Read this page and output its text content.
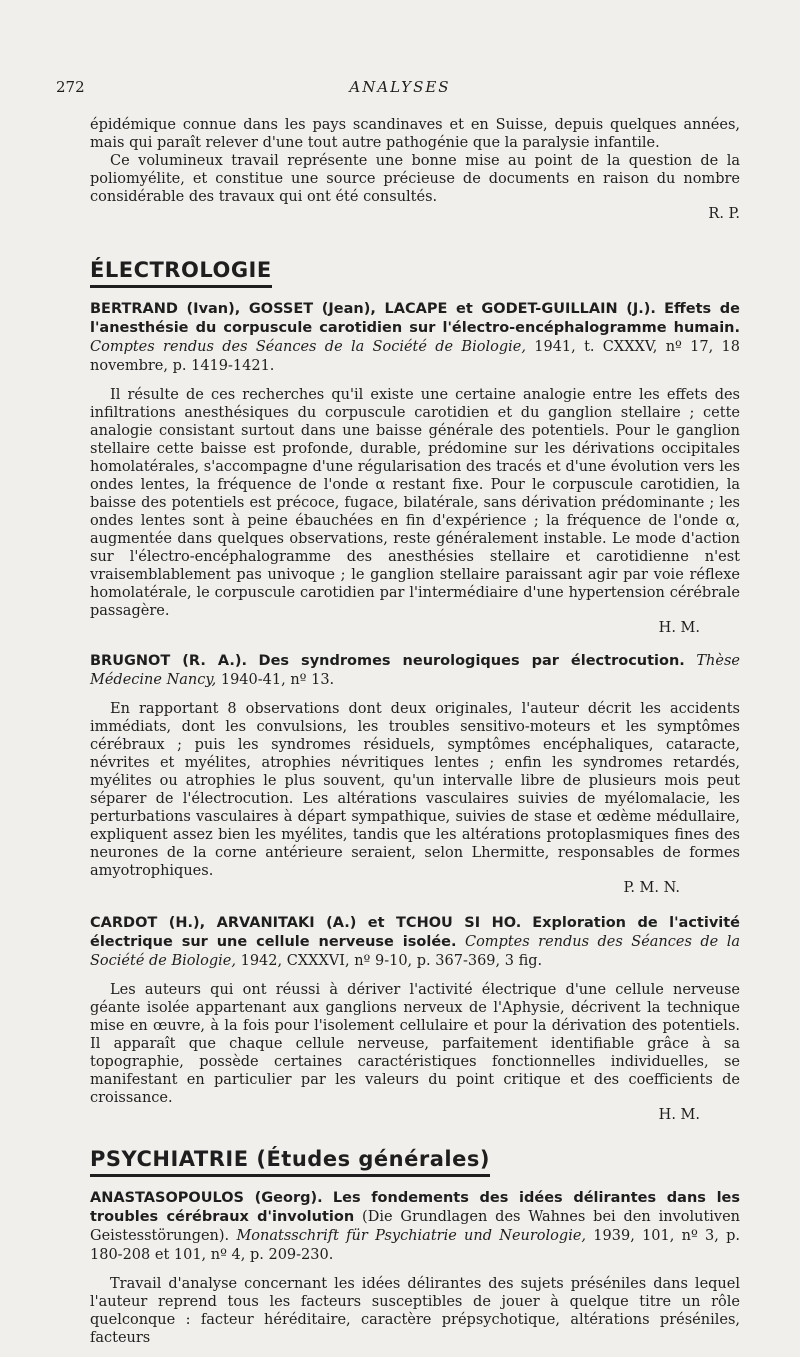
272	ANALYSES

épidémique connue dans les pays scandinaves et en Suisse, depuis quelques années, mais qui paraît relever d'une tout autre pathogénie que la paralysie infantile.

Ce volumineux travail représente une bonne mise au point de la question de la poliomyélite, et constitue une source précieuse de documents en raison du nombre considérable des travaux qui ont été consultés.

R. P.
ÉLECTROLOGIE
BERTRAND (Ivan), GOSSET (Jean), LACAPE et GODET-GUILLAIN (J.). Effets de l'anesthésie du corpuscule carotidien sur l'électro-encéphalogramme humain. Comptes rendus des Séances de la Société de Biologie, 1941, t. CXXXV, nº 17, 18 novembre, p. 1419-1421.

Il résulte de ces recherches qu'il existe une certaine analogie entre les effets des infiltrations anesthésiques du corpuscule carotidien et du ganglion stellaire ; cette analogie consistant surtout dans une baisse générale des potentiels. Pour le ganglion stellaire cette baisse est profonde, durable, prédomine sur les dérivations occipitales homolatérales, s'accompagne d'une régularisation des tracés et d'une évolution vers les ondes lentes, la fréquence de l'onde α restant fixe. Pour le corpuscule carotidien, la baisse des potentiels est précoce, fugace, bilatérale, sans dérivation prédominante ; les ondes lentes sont à peine ébauchées en fin d'expérience ; la fréquence de l'onde α, augmentée dans quelques observations, reste généralement instable. Le mode d'action sur l'électro-encéphalogramme des anesthésies stellaire et carotidienne n'est vraisemblablement pas univoque ; le ganglion stellaire paraissant agir par voie réflexe homolatérale, le corpuscule carotidien par l'intermédiaire d'une hypertension cérébrale passagère.

H. M.
BRUGNOT (R. A.). Des syndromes neurologiques par électrocution. Thèse Médecine Nancy, 1940-41, nº 13.

En rapportant 8 observations dont deux originales, l'auteur décrit les accidents immédiats, dont les convulsions, les troubles sensitivo-moteurs et les symptômes cérébraux ; puis les syndromes résiduels, symptômes encéphaliques, cataracte, névrites et myélites, atrophies névritiques lentes ; enfin les syndromes retardés, myélites ou atrophies le plus souvent, qu'un intervalle libre de plusieurs mois peut séparer de l'électrocution. Les altérations vasculaires suivies de myélomalacie, les perturbations vasculaires à départ sympathique, suivies de stase et œdème médullaire, expliquent assez bien les myélites, tandis que les altérations protoplasmiques fines des neurones de la corne antérieure seraient, selon Lhermitte, responsables de formes amyotrophiques.

P. M. N.
CARDOT (H.), ARVANITAKI (A.) et TCHOU SI HO. Exploration de l'activité électrique sur une cellule nerveuse isolée. Comptes rendus des Séances de la Société de Biologie, 1942, CXXXVI, nº 9-10, p. 367-369, 3 fig.

Les auteurs qui ont réussi à dériver l'activité électrique d'une cellule nerveuse géante isolée appartenant aux ganglions nerveux de l'Aphysie, décrivent la technique mise en œuvre, à la fois pour l'isolement cellulaire et pour la dérivation des potentiels. Il apparaît que chaque cellule nerveuse, parfaitement identifiable grâce à sa topographie, possède certaines caractéristiques fonctionnelles individuelles, se manifestant en particulier par les valeurs du point critique et des coefficients de croissance.

H. M.
PSYCHIATRIE (Études générales)
ANASTASOPOULOS (Georg). Les fondements des idées délirantes dans les troubles cérébraux d'involution (Die Grundlagen des Wahnes bei den involutiven Geistesstörungen). Monatsschrift für Psychiatrie und Neurologie, 1939, 101, nº 3, p. 180-208 et 101, nº 4, p. 209-230.

Travail d'analyse concernant les idées délirantes des sujets préséniles dans lequel l'auteur reprend tous les facteurs susceptibles de jouer à quelque titre un rôle quelconque : facteur héréditaire, caractère prépsychotique, altérations préséniles, facteurs
